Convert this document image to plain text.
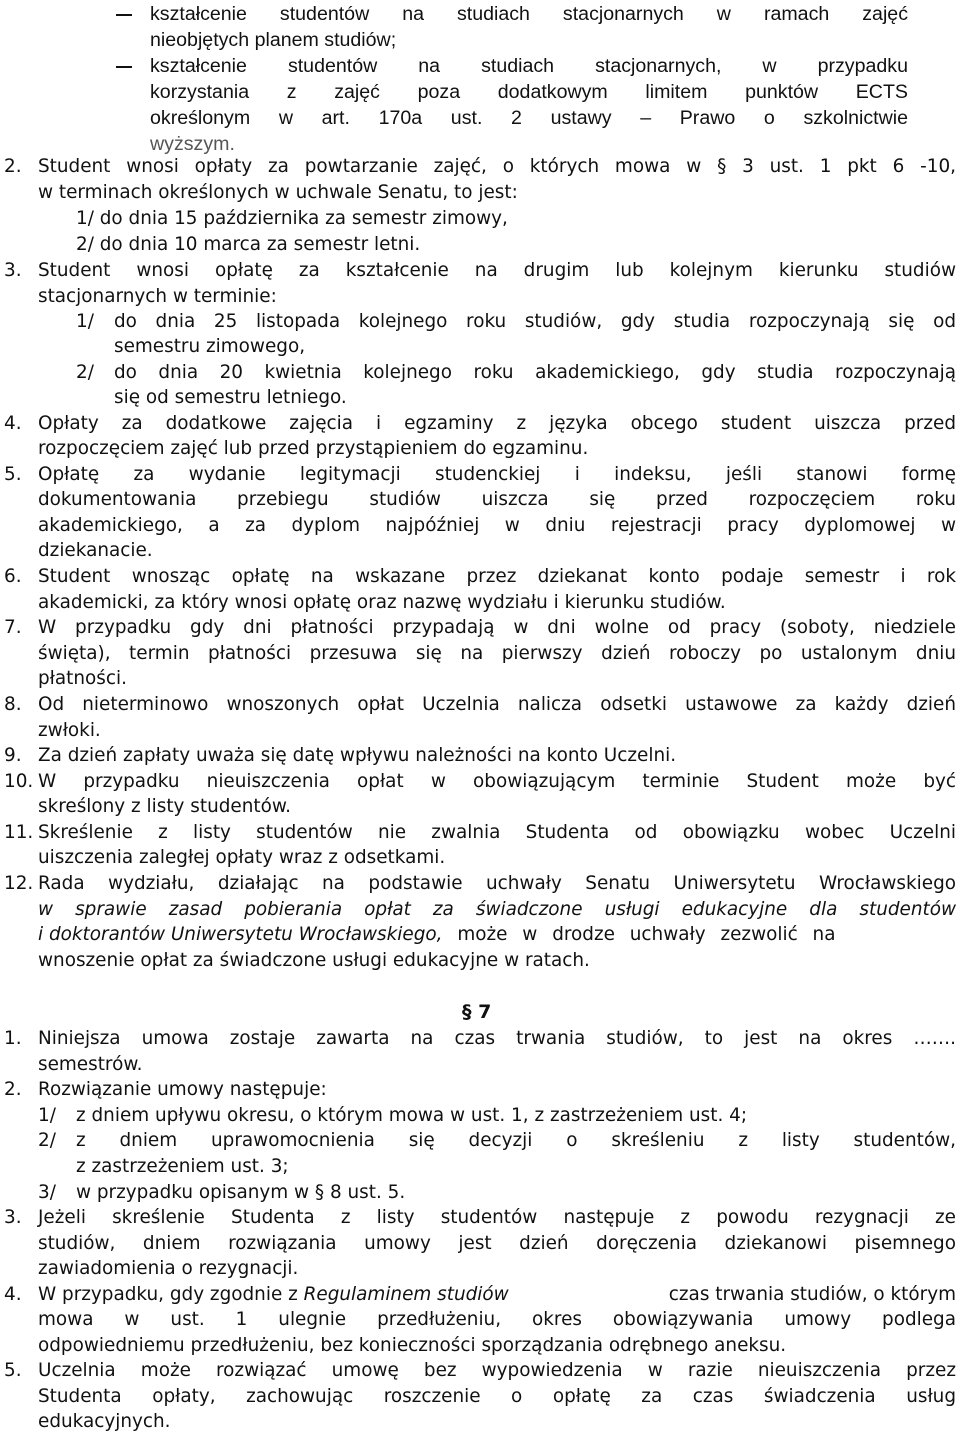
kształcenie studentów na studiach stacjonarnych w ramach zajęć
nieobjętych planem studiów;
kształcenie studentów na studiach stacjonarnych, w przypadku
korzystania z zajęć poza dodatkowym limitem punktów ECTS
określonym w art. 170a ust. 2 ustawy – Prawo o szkolnictwie
wyższym.
2. Student wnosi opłaty za powtarzanie zajęć, o których mowa w § 3 ust. 1 pkt 6 -10,
w terminach określonych w uchwale Senatu, to jest:
1/ do dnia 15 października za semestr zimowy,
2/ do dnia 10 marca za semestr letni.
3. Student wnosi opłatę za kształcenie na drugim lub kolejnym kierunku studiów
stacjonarnych w terminie:
1/ do dnia 25 listopada kolejnego roku studiów, gdy studia rozpoczynają się od
semestru zimowego,
2/ do dnia 20 kwietnia kolejnego roku akademickiego, gdy studia rozpoczynają
się od semestru letniego.
4. Opłaty za dodatkowe zajęcia i egzaminy z języka obcego student uiszcza przed
rozpoczęciem zajęć lub przed przystąpieniem do egzaminu.
5. Opłatę za wydanie legitymacji studenckiej i indeksu, jeśli stanowi formę
dokumentowania przebiegu studiów uiszcza się przed rozpoczęciem roku
akademickiego, a za dyplom najpóźniej w dniu rejestracji pracy dyplomowej w
dziekanacie.
6. Student wnosząc opłatę na wskazane przez dziekanat konto podaje semestr i rok
akademicki, za który wnosi opłatę oraz nazwę wydziału i kierunku studiów.
7. W przypadku gdy dni płatności przypadają w dni wolne od pracy (soboty, niedziele
święta), termin płatności przesuwa się na pierwszy dzień roboczy po ustalonym dniu
płatności.
8. Od nieterminowo wnoszonych opłat Uczelnia nalicza odsetki ustawowe za każdy dzień
zwłoki.
9. Za dzień zapłaty uważa się datę wpływu należności na konto Uczelni.
10. W przypadku nieuiszczenia opłat w obowiązującym terminie Student może być
skreślony z listy studentów.
11. Skreślenie z listy studentów nie zwalnia Studenta od obowiązku wobec Uczelni
uiszczenia zaległej opłaty wraz z odsetkami.
12. Rada wydziału, działając na podstawie uchwały Senatu Uniwersytetu Wrocławskiego
w sprawie zasad pobierania opłat za świadczone usługi edukacyjne dla studentów
i doktorantów Uniwersytetu Wrocławskiego, może w drodze uchwały zezwolić na
wnoszenie opłat za świadczone usługi edukacyjne w ratach.
§ 7
1. Niniejsza umowa zostaje zawarta na czas trwania studiów, to jest na okres …….
semestrów.
2. Rozwiązanie umowy następuje:
1/ z dniem upływu okresu, o którym mowa w ust. 1, z zastrzeżeniem ust. 4;
2/ z dniem uprawomocnienia się decyzji o skreśleniu z listy studentów,
z zastrzeżeniem ust. 3;
3/ w przypadku opisanym w § 8 ust. 5.
3. Jeżeli skreślenie Studenta z listy studentów następuje z powodu rezygnacji ze
studiów, dniem rozwiązania umowy jest dzień doręczenia dziekanowi pisemnego
zawiadomienia o rezygnacji.
4. W przypadku, gdy zgodnie z Regulaminem studiów	czas trwania studiów, o którym
mowa w ust. 1 ulegnie przedłużeniu, okres obowiązywania umowy podlega
odpowiedniemu przedłużeniu, bez konieczności sporządzania odrębnego aneksu.
5. Uczelnia może rozwiązać umowę bez wypowiedzenia w razie nieuiszczenia przez
Studenta opłaty, zachowując roszczenie o opłatę za czas świadczenia usług
edukacyjnych.
